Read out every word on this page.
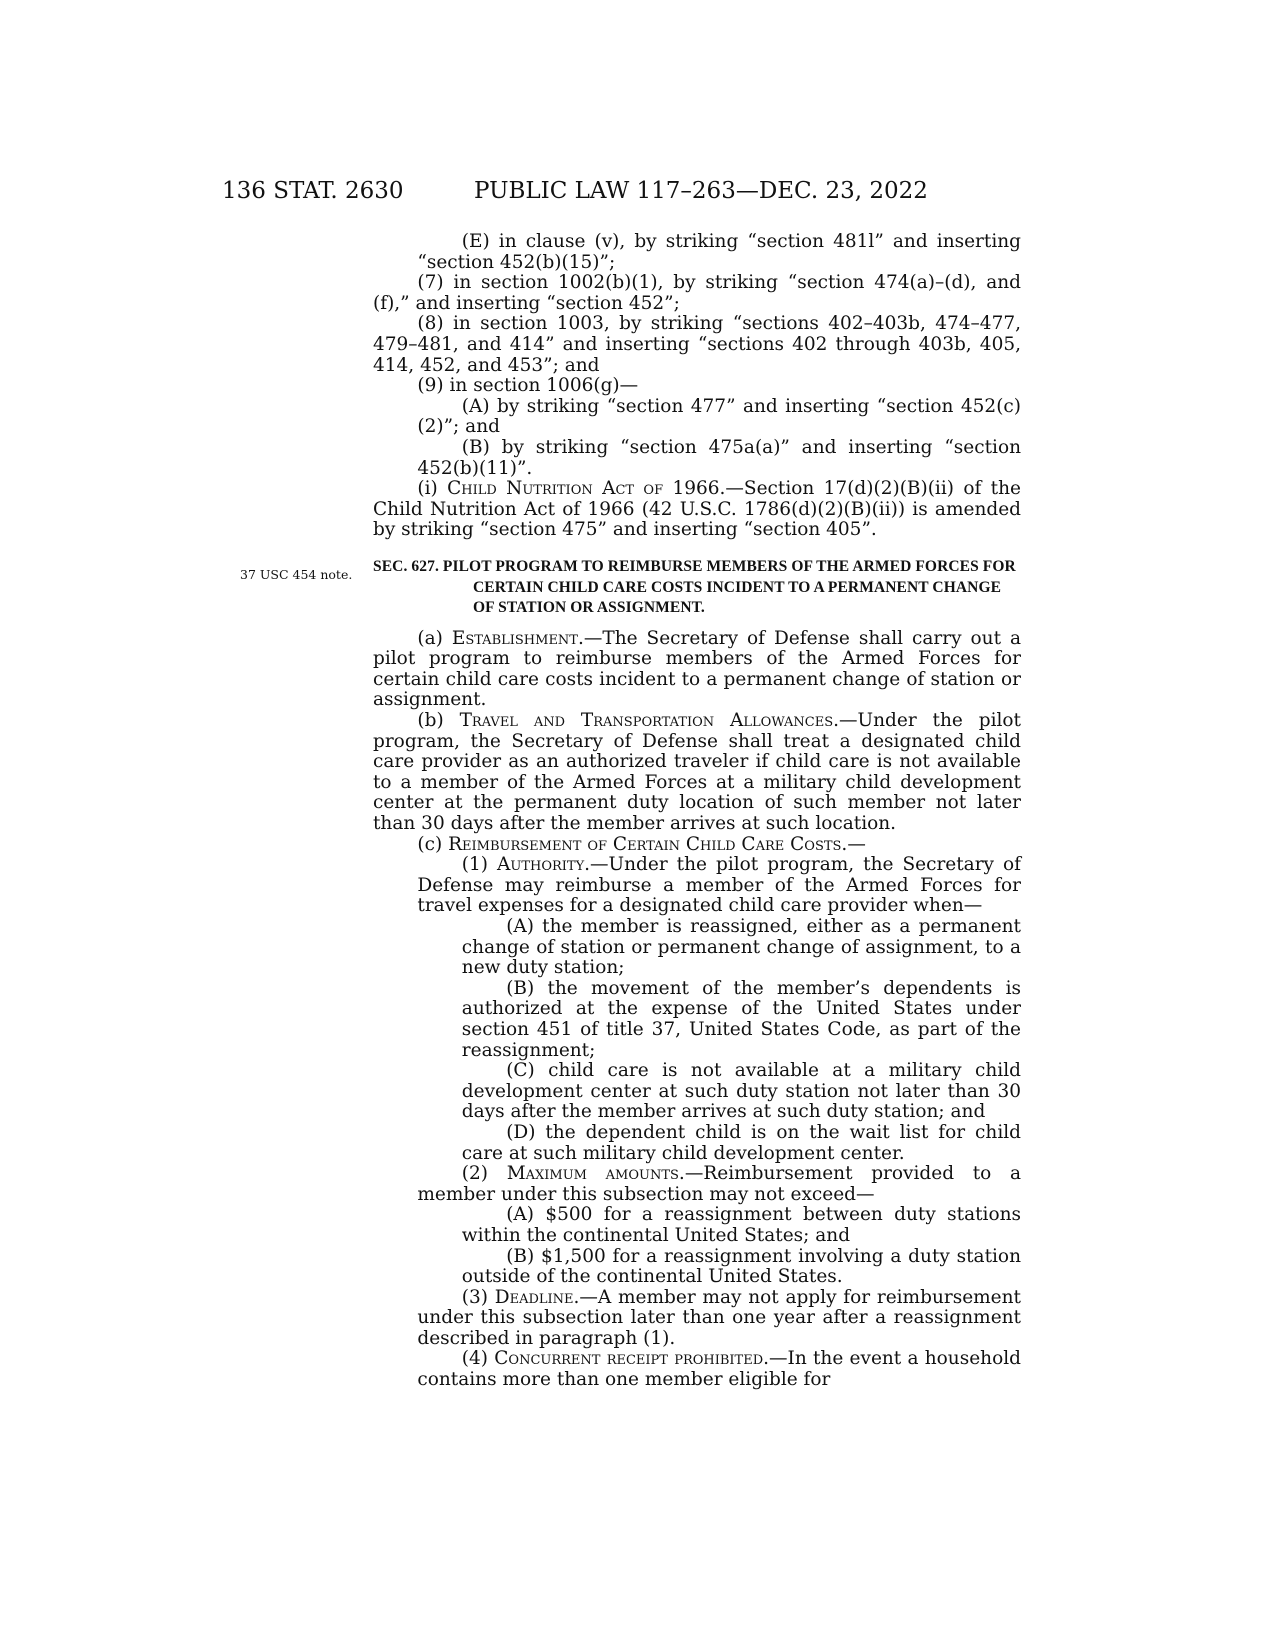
136 STAT. 2630	PUBLIC LAW 117–263—DEC. 23, 2022
37 USC 454 note.

(E) in clause (v), by striking “section 481l” and inserting “section 452(b)(15)”;

(7) in section 1002(b)(1), by striking “section 474(a)–(d), and (f),” and inserting “section 452”;

(8) in section 1003, by striking “sections 402–403b, 474–477, 479–481, and 414” and inserting “sections 402 through 403b, 405, 414, 452, and 453”; and

(9) in section 1006(g)—

(A) by striking “section 477” and inserting “section 452(c)(2)”; and

(B) by striking “section 475a(a)” and inserting “section 452(b)(11)”.

(i) Child Nutrition Act of 1966.—Section 17(d)(2)(B)(ii) of the Child Nutrition Act of 1966 (42 U.S.C. 1786(d)(2)(B)(ii)) is amended by striking “section 475” and inserting “section 405”.

SEC. 627. PILOT PROGRAM TO REIMBURSE MEMBERS OF THE ARMED FORCES FOR CERTAIN CHILD CARE COSTS INCIDENT TO A PERMANENT CHANGE OF STATION OR ASSIGNMENT.

(a) Establishment.—The Secretary of Defense shall carry out a pilot program to reimburse members of the Armed Forces for certain child care costs incident to a permanent change of station or assignment.

(b) Travel and Transportation Allowances.—Under the pilot program, the Secretary of Defense shall treat a designated child care provider as an authorized traveler if child care is not available to a member of the Armed Forces at a military child development center at the permanent duty location of such member not later than 30 days after the member arrives at such location.

(c) Reimbursement of Certain Child Care Costs.—

(1) Authority.—Under the pilot program, the Secretary of Defense may reimburse a member of the Armed Forces for travel expenses for a designated child care provider when—

(A) the member is reassigned, either as a permanent change of station or permanent change of assignment, to a new duty station;

(B) the movement of the member’s dependents is authorized at the expense of the United States under section 451 of title 37, United States Code, as part of the reassignment;

(C) child care is not available at a military child development center at such duty station not later than 30 days after the member arrives at such duty station; and

(D) the dependent child is on the wait list for child care at such military child development center.

(2) Maximum amounts.—Reimbursement provided to a member under this subsection may not exceed—

(A) $500 for a reassignment between duty stations within the continental United States; and

(B) $1,500 for a reassignment involving a duty station outside of the continental United States.

(3) Deadline.—A member may not apply for reimbursement under this subsection later than one year after a reassignment described in paragraph (1).

(4) Concurrent receipt prohibited.—In the event a household contains more than one member eligible for
